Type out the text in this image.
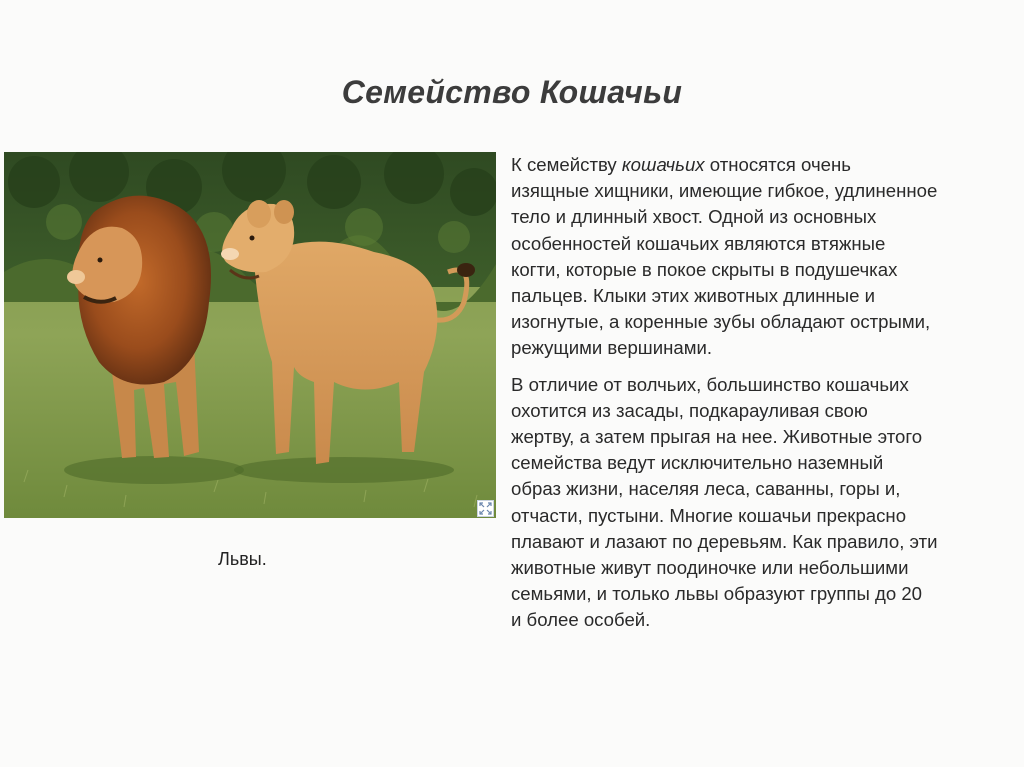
Семейство Кошачьи
Львы.

К семейству кошачьих относятся очень
изящные хищники, имеющие гибкое, удлиненное
тело и длинный хвост. Одной из основных
особенностей кошачьих являются втяжные
когти, которые в покое скрыты в подушечках
пальцев. Клыки этих животных длинные и
изогнутые, а коренные зубы обладают острыми,
режущими вершинами.

В отличие от волчьих, большинство кошачьих
охотится из засады, подкарауливая свою
жертву, а затем прыгая на нее. Животные этого
семейства ведут исключительно наземный
образ жизни, населяя леса, саванны, горы и,
отчасти, пустыни. Многие кошачьи прекрасно
плавают и лазают по деревьям. Как правило, эти
животные живут поодиночке или небольшими
семьями, и только львы образуют группы до 20
и более особей.
